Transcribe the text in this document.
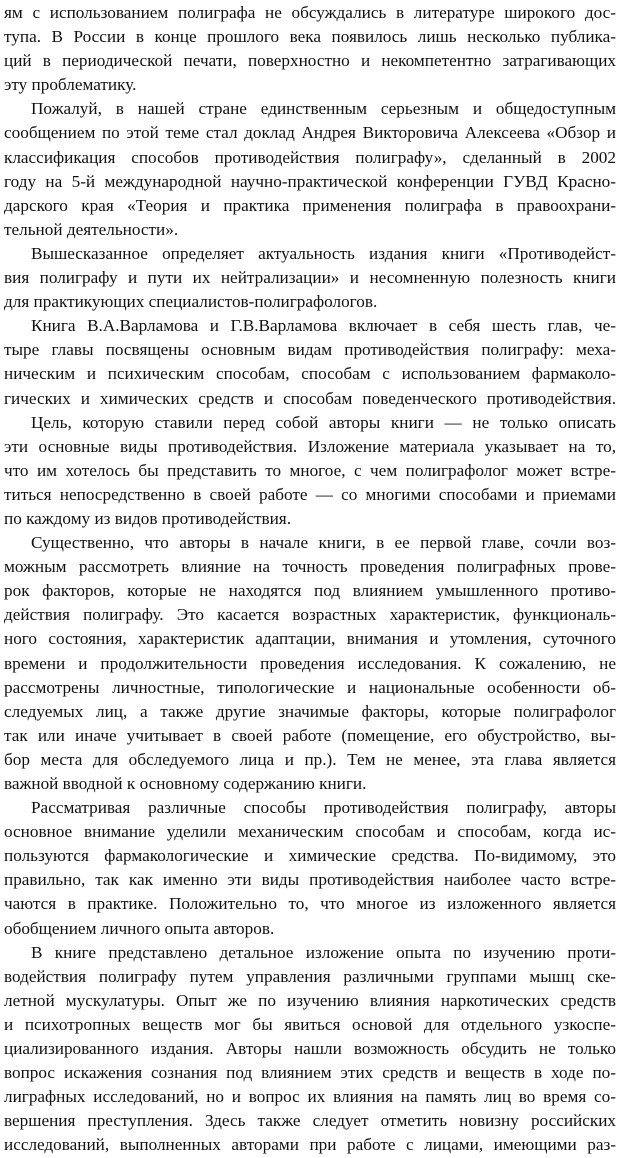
ям с использованием полиграфа не обсуждались в литературе широкого дос-
тупа. В России в конце прошлого века появилось лишь несколько публика-
ций в периодической печати, поверхностно и некомпетентно затрагивающих
эту проблематику.
Пожалуй, в нашей стране единственным серьезным и общедоступным
сообщением по этой теме стал доклад Андрея Викторовича Алексеева «Обзор и
классификация способов противодействия полиграфу», сделанный в 2002
году на 5-й международной научно-практической конференции ГУВД Красно-
дарского края «Теория и практика применения полиграфа в правоохрани-
тельной деятельности».
Вышесказанное определяет актуальность издания книги «Противодейст-
вия полиграфу и пути их нейтрализации» и несомненную полезность книги
для практикующих специалистов-полиграфологов.
Книга В.А.Варламова и Г.В.Варламова включает в себя шесть глав, че-
тыре главы посвящены основным видам противодействия полиграфу: меха-
ническим и психическим способам, способам с использованием фармаколо-
гических и химических средств и способам поведенческого противодействия.
Цель, которую ставили перед собой авторы книги — не только описать
эти основные виды противодействия. Изложение материала указывает на то,
что им хотелось бы представить то многое, с чем полиграфолог может встре-
титься непосредственно в своей работе — со многими способами и приемами
по каждому из видов противодействия.
Существенно, что авторы в начале книги, в ее первой главе, сочли воз-
можным рассмотреть влияние на точность проведения полиграфных прове-
рок факторов, которые не находятся под влиянием умышленного противо-
действия полиграфу. Это касается возрастных характеристик, функциональ-
ного состояния, характеристик адаптации, внимания и утомления, суточного
времени и продолжительности проведения исследования. К сожалению, не
рассмотрены личностные, типологические и национальные особенности об-
следуемых лиц, а также другие значимые факторы, которые полиграфолог
так или иначе учитывает в своей работе (помещение, его обустройство, вы-
бор места для обследуемого лица и пр.). Тем не менее, эта глава является
важной вводной к основному содержанию книги.
Рассматривая различные способы противодействия полиграфу, авторы
основное внимание уделили механическим способам и способам, когда ис-
пользуются фармакологические и химические средства. По-видимому, это
правильно, так как именно эти виды противодействия наиболее часто встре-
чаются в практике. Положительно то, что многое из изложенного является
обобщением личного опыта авторов.
В книге представлено детальное изложение опыта по изучению проти-
водействия полиграфу путем управления различными группами мышц ске-
летной мускулатуры. Опыт же по изучению влияния наркотических средств
и психотропных веществ мог бы явиться основой для отдельного узкоспе-
циализированного издания. Авторы нашли возможность обсудить не только
вопрос искажения сознания под влиянием этих средств и веществ в ходе по-
лиграфных исследований, но и вопрос их влияния на память лиц во время со-
вершения преступления. Здесь также следует отметить новизну российских
исследований, выполненных авторами при работе с лицами, имеющими раз-
